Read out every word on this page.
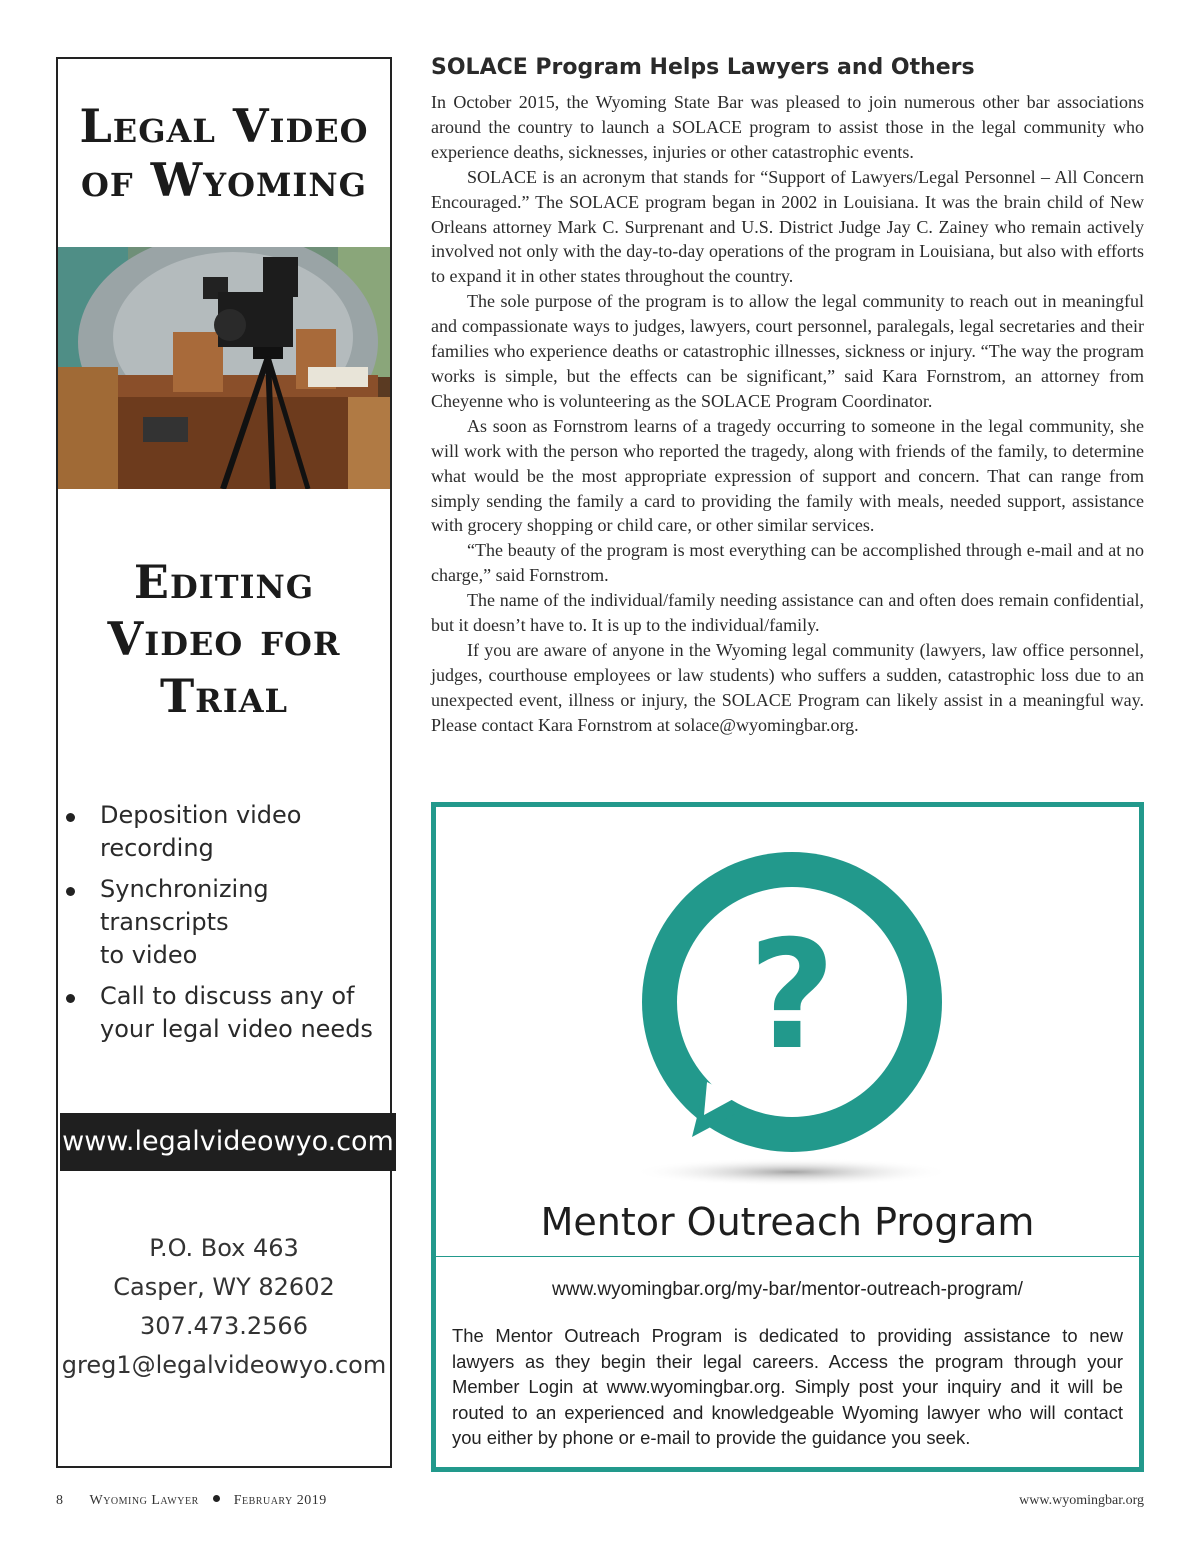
Legal Video
of Wyoming
Editing
Video for
Trial
Deposition video
recording
Synchronizing transcripts
to video
Call to discuss any of
your legal video needs
www.legalvideowyo.com
P.O. Box 463
Casper, WY 82602
307.473.2566
greg1@legalvideowyo.com
SOLACE Program Helps Lawyers and Others

In October 2015, the Wyoming State Bar was pleased to join numerous other bar associations around the country to launch a SOLACE program to assist those in the legal community who experience deaths, sicknesses, injuries or other catastrophic events.

SOLACE is an acronym that stands for “Support of Lawyers/Legal Personnel – All Concern Encouraged.” The SOLACE program began in 2002 in Louisiana. It was the brain child of New Orleans attorney Mark C. Surprenant and U.S. District Judge Jay C. Zainey who remain actively involved not only with the day-to-day operations of the program in Louisiana, but also with efforts to expand it in other states throughout the country.

The sole purpose of the program is to allow the legal community to reach out in meaningful and compassionate ways to judges, lawyers, court personnel, paralegals, legal secretaries and their families who experience deaths or catastrophic illnesses, sickness or injury. “The way the program works is simple, but the effects can be significant,” said Kara Fornstrom, an attorney from Cheyenne who is volunteering as the SOLACE Program Coordinator.

As soon as Fornstrom learns of a tragedy occurring to someone in the legal community, she will work with the person who reported the tragedy, along with friends of the family, to determine what would be the most appropriate expression of support and concern. That can range from simply sending the family a card to providing the family with meals, needed support, assistance with grocery shopping or child care, or other similar services.

“The beauty of the program is most everything can be accomplished through e-mail and at no charge,” said Fornstrom.

The name of the individual/family needing assistance can and often does remain confidential, but it doesn’t have to. It is up to the individual/family.

If you are aware of anyone in the Wyoming legal community (lawyers, law office personnel, judges, courthouse employees or law students) who suffers a sudden, catastrophic loss due to an unexpected event, illness or injury, the SOLACE Program can likely assist in a meaningful way. Please contact Kara Fornstrom at solace@wyomingbar.org.

?
Mentor Outreach Program
www.wyomingbar.org/my-bar/mentor-outreach-program/

The Mentor Outreach Program is dedicated to providing assistance to new lawyers as they begin their legal careers. Access the program through your Member Login at www.wyomingbar.org. Simply post your inquiry and it will be routed to an experienced and knowledgeable Wyoming lawyer who will contact you either by phone or e-mail to provide the guidance you seek.

8 Wyoming Lawyer	February 2019	www.wyomingbar.org
